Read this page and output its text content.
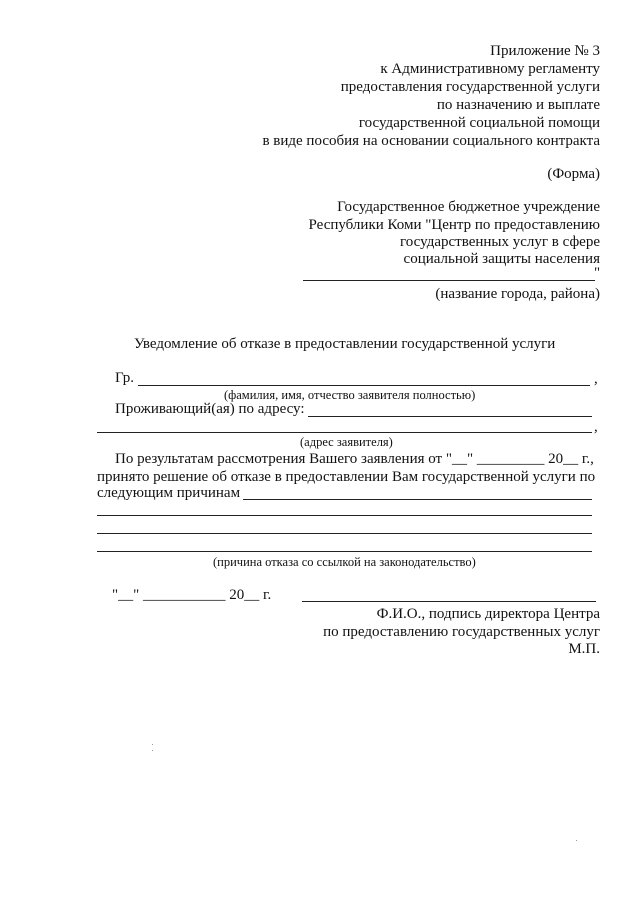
Приложение № 3
к Административному регламенту
предоставления государственной услуги
по назначению и выплате
государственной социальной помощи
в виде пособия на основании социального контракта
(Форма)
Государственное бюджетное учреждение
Республики Коми "Центр по предоставлению
государственных услуг в сфере
социальной защиты населения
"
(название города, района)
Уведомление об отказе в предоставлении государственной услуги
Гр.	,
(фамилия, имя, отчество заявителя полностью)
Проживающий(ая) по адресу:
,
(адрес заявителя)
По результатам рассмотрения Вашего заявления от "__" _________ 20__ г.,
принято решение об отказе в предоставлении Вам государственной услуги по
следующим причинам
(причина отказа со ссылкой на законодательство)
"__" ___________ 20__ г.
Ф.И.О., подпись директора Центра
по предоставлению государственных услуг
М.П.
